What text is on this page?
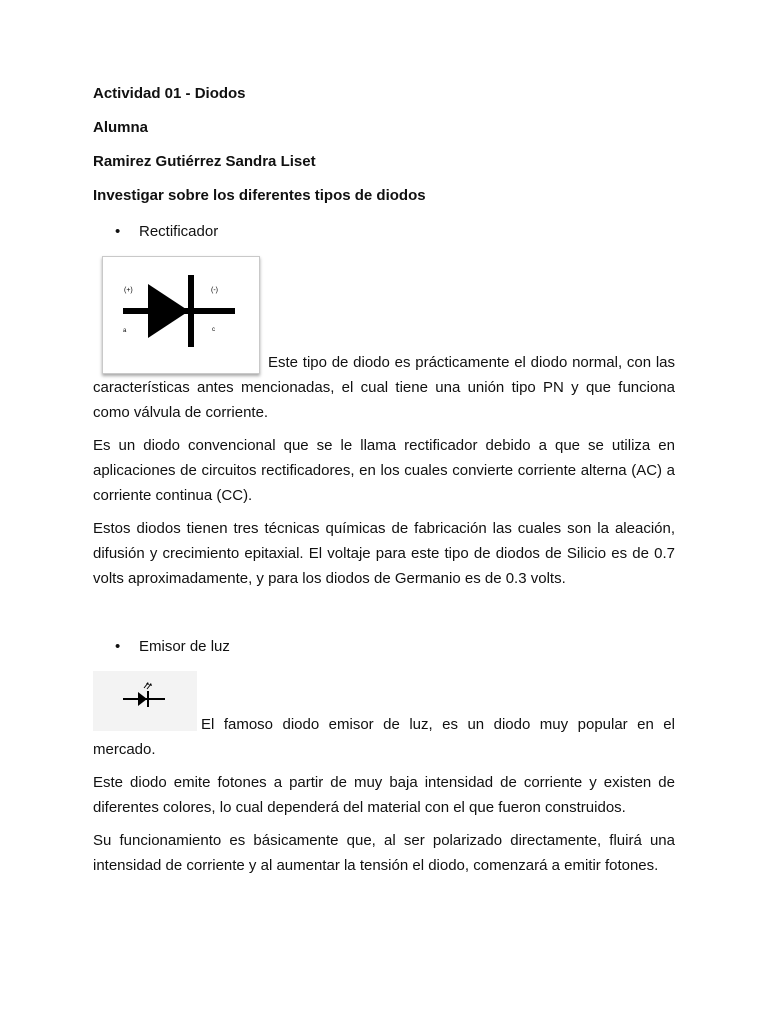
Actividad 01 - Diodos

Alumna

Ramirez Gutiérrez Sandra Liset

Investigar sobre los diferentes tipos de diodos

• Rectificador
(+)	(-)
a	c

Este tipo de diodo es prácticamente el diodo normal, con las características antes mencionadas, el cual tiene una unión tipo PN y que funciona como válvula de corriente.

Es un diodo convencional que se le llama rectificador debido a que se utiliza en aplicaciones de circuitos rectificadores, en los cuales convierte corriente alterna (AC) a corriente continua (CC).

Estos diodos tienen tres técnicas químicas de fabricación las cuales son la aleación, difusión y crecimiento epitaxial. El voltaje para este tipo de diodos de Silicio es de 0.7 volts aproximadamente, y para los diodos de Germanio es de 0.3 volts.

• Emisor de luz

El famoso diodo emisor de luz, es un diodo muy popular en el mercado.

Este diodo emite fotones a partir de muy baja intensidad de corriente y existen de diferentes colores, lo cual dependerá del material con el que fueron construidos.

Su funcionamiento es básicamente que, al ser polarizado directamente, fluirá una intensidad de corriente y al aumentar la tensión el diodo, comenzará a emitir fotones.
